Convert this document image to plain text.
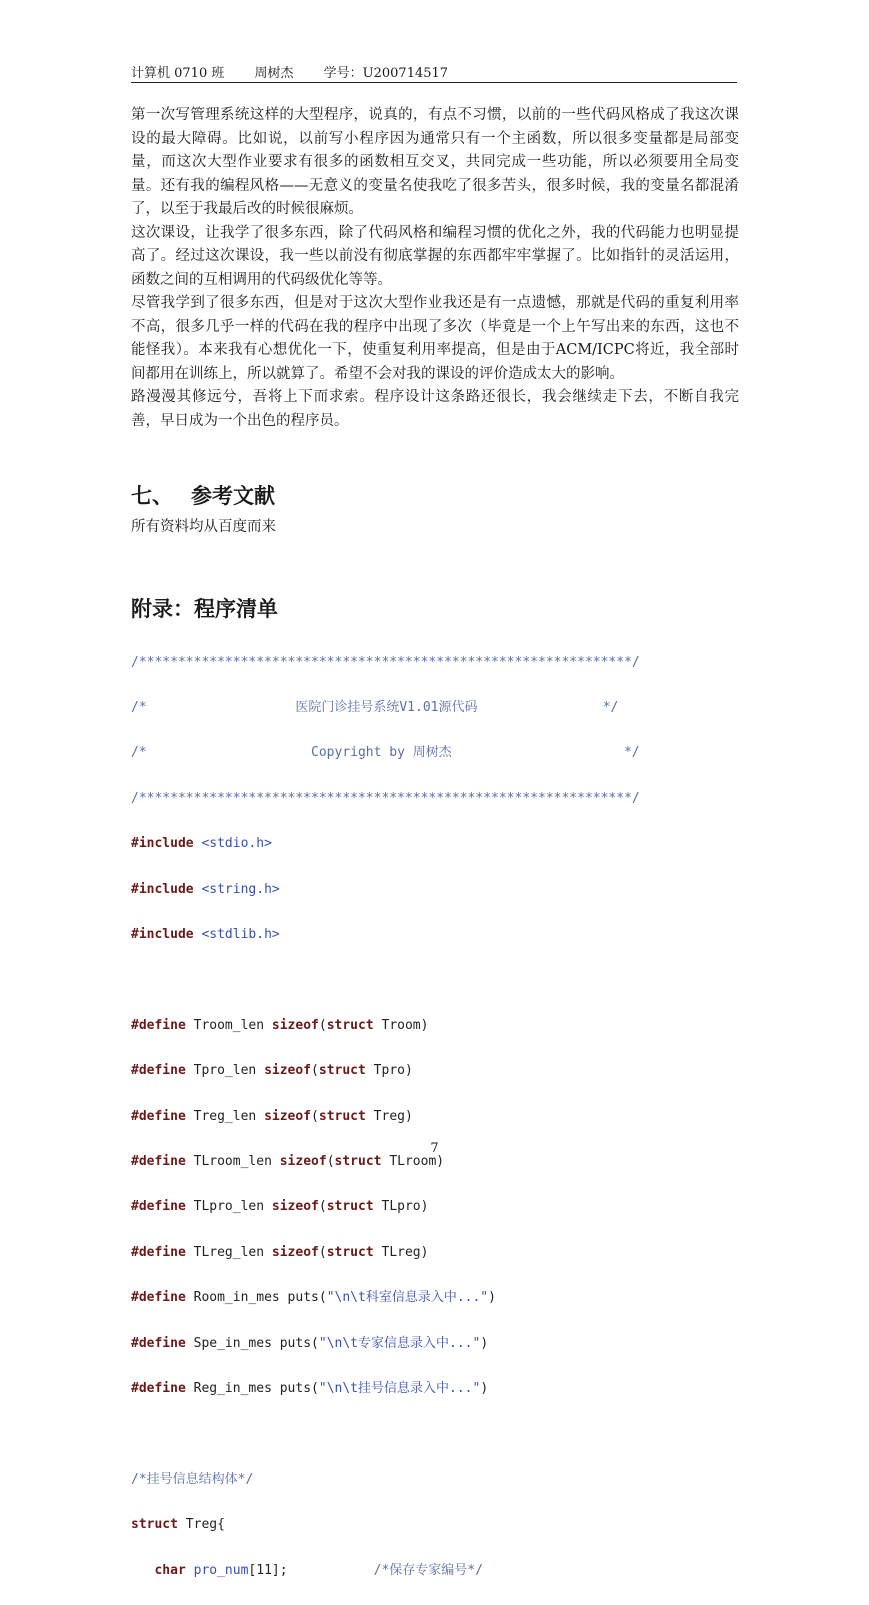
计算机 0710 班 周树杰 学号：U200714517

第一次写管理系统这样的大型程序，说真的，有点不习惯，以前的一些代码风格成了我这次课设的最大障碍。比如说，以前写小程序因为通常只有一个主函数，所以很多变量都是局部变量，而这次大型作业要求有很多的函数相互交叉，共同完成一些功能，所以必须要用全局变量。还有我的编程风格——无意义的变量名使我吃了很多苦头，很多时候，我的变量名都混淆了，以至于我最后改的时候很麻烦。

这次课设，让我学了很多东西，除了代码风格和编程习惯的优化之外，我的代码能力也明显提高了。经过这次课设，我一些以前没有彻底掌握的东西都牢牢掌握了。比如指针的灵活运用，函数之间的互相调用的代码级优化等等。

尽管我学到了很多东西，但是对于这次大型作业我还是有一点遗憾，那就是代码的重复利用率不高，很多几乎一样的代码在我的程序中出现了多次（毕竟是一个上午写出来的东西，这也不能怪我）。本来我有心想优化一下，使重复利用率提高，但是由于ACM/ICPC将近，我全部时间都用在训练上，所以就算了。希望不会对我的课设的评价造成太大的影响。

路漫漫其修远兮，吾将上下而求索。程序设计这条路还很长，我会继续走下去，不断自我完善，早日成为一个出色的程序员。

七、 参考文献
所有资料均从百度而来
附录：程序清单

/***************************************************************/

/*                   医院门诊挂号系统V1.01源代码                */

/*                     Copyright by 周树杰                      */

/***************************************************************/

#include <stdio.h>

#include <string.h>

#include <stdlib.h>

#define Troom_len sizeof(struct Troom)

#define Tpro_len sizeof(struct Tpro)

#define Treg_len sizeof(struct Treg)

#define TLroom_len sizeof(struct TLroom)

#define TLpro_len sizeof(struct TLpro)

#define TLreg_len sizeof(struct TLreg)

#define Room_in_mes puts("\n\t科室信息录入中...")

#define Spe_in_mes puts("\n\t专家信息录入中...")

#define Reg_in_mes puts("\n\t挂号信息录入中...")

/*挂号信息结构体*/

struct Treg{

char pro_num[11];	/*保存专家编号*/

7
